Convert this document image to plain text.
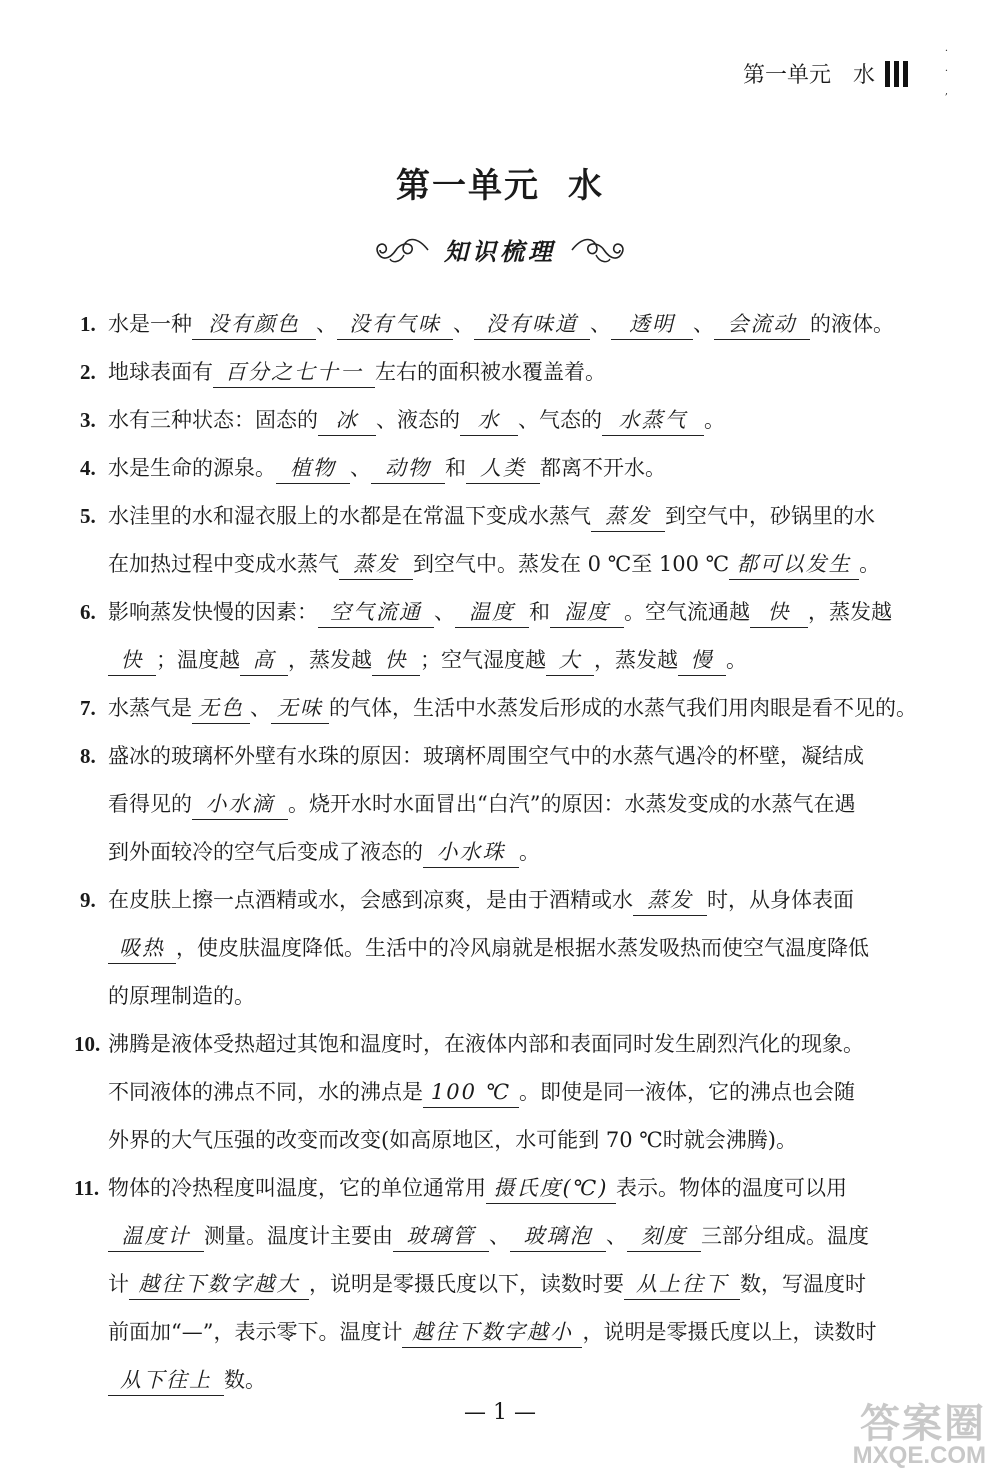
第一单元　水
·
·
,
第一单元 水
知识梳理
1. 水是一种 没有颜色 、 没有气味 、 没有味道 、 透明 、 会流动 的液体。
2. 地球表面有 百分之七十一 左右的面积被水覆盖着。
3. 水有三种状态：固态的 冰 、液态的 水 、气态的 水蒸气 。
4. 水是生命的源泉。 植物 、 动物 和 人类 都离不开水。
5. 水洼里的水和湿衣服上的水都是在常温下变成水蒸气 蒸发 到空气中，砂锅里的水
在加热过程中变成水蒸气 蒸发 到空气中。蒸发在 0 ℃至 100 ℃ 都可以发生 。
6. 影响蒸发快慢的因素： 空气流通 、 温度 和 湿度 。空气流通越 快 ，蒸发越
快 ；温度越 高 ，蒸发越 快 ；空气湿度越 大 ，蒸发越 慢 。
7. 水蒸气是 无色 、 无味 的气体，生活中水蒸发后形成的水蒸气我们用肉眼是看不见的。
8. 盛冰的玻璃杯外壁有水珠的原因：玻璃杯周围空气中的水蒸气遇冷的杯壁，凝结成
看得见的 小水滴 。烧开水时水面冒出“白汽”的原因：水蒸发变成的水蒸气在遇
到外面较冷的空气后变成了液态的 小水珠 。
9. 在皮肤上擦一点酒精或水，会感到凉爽，是由于酒精或水 蒸发 时，从身体表面
吸热 ，使皮肤温度降低。生活中的冷风扇就是根据水蒸发吸热而使空气温度降低
的原理制造的。
10. 沸腾是液体受热超过其饱和温度时，在液体内部和表面同时发生剧烈汽化的现象。
不同液体的沸点不同，水的沸点是 100 ℃ 。即使是同一液体，它的沸点也会随
外界的大气压强的改变而改变(如高原地区，水可能到 70 ℃时就会沸腾)。
11. 物体的冷热程度叫温度，它的单位通常用 摄氏度(℃) 表示。物体的温度可以用
温度计 测量。温度计主要由 玻璃管 、 玻璃泡 、 刻度 三部分组成。温度
计 越往下数字越大 ，说明是零摄氏度以下，读数时要 从上往下 数，写温度时
前面加“—”，表示零下。温度计 越往下数字越小 ，说明是零摄氏度以上，读数时
从下往上 数。
— 1 —	答案圈
MXQE.COM
